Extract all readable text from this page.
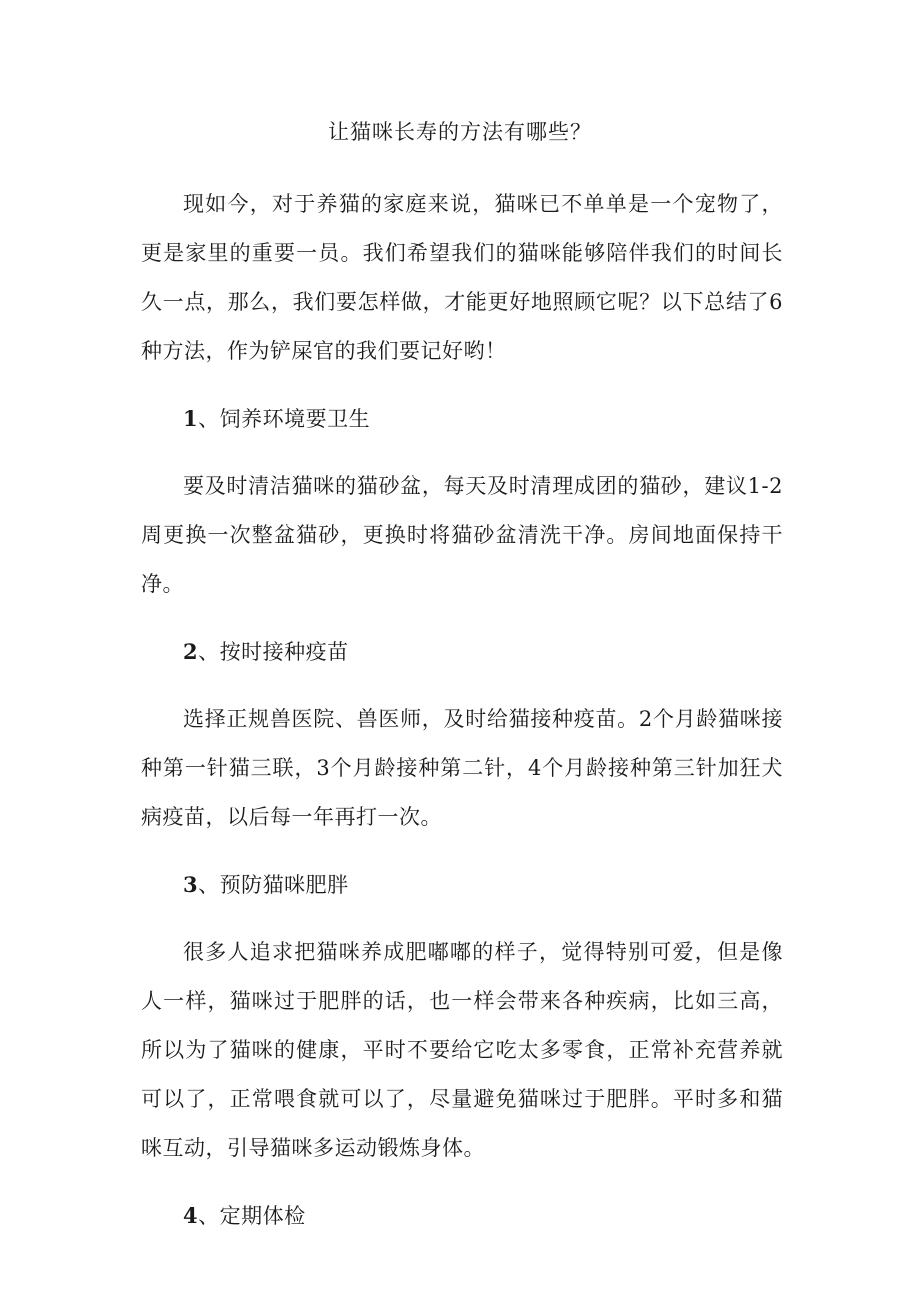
让猫咪长寿的方法有哪些？

现如今，对于养猫的家庭来说，猫咪已不单单是一个宠物了，更是家里的重要一员。我们希望我们的猫咪能够陪伴我们的时间长久一点，那么，我们要怎样做，才能更好地照顾它呢？以下总结了6种方法，作为铲屎官的我们要记好哟！

1、饲养环境要卫生

要及时清洁猫咪的猫砂盆，每天及时清理成团的猫砂，建议1-2周更换一次整盆猫砂，更换时将猫砂盆清洗干净。房间地面保持干净。

2、按时接种疫苗

选择正规兽医院、兽医师，及时给猫接种疫苗。2个月龄猫咪接种第一针猫三联，3个月龄接种第二针，4个月龄接种第三针加狂犬病疫苗，以后每一年再打一次。

3、预防猫咪肥胖

很多人追求把猫咪养成肥嘟嘟的样子，觉得特别可爱，但是像人一样，猫咪过于肥胖的话，也一样会带来各种疾病，比如三高，所以为了猫咪的健康，平时不要给它吃太多零食，正常补充营养就可以了，正常喂食就可以了，尽量避免猫咪过于肥胖。平时多和猫咪互动，引导猫咪多运动锻炼身体。

4、定期体检
